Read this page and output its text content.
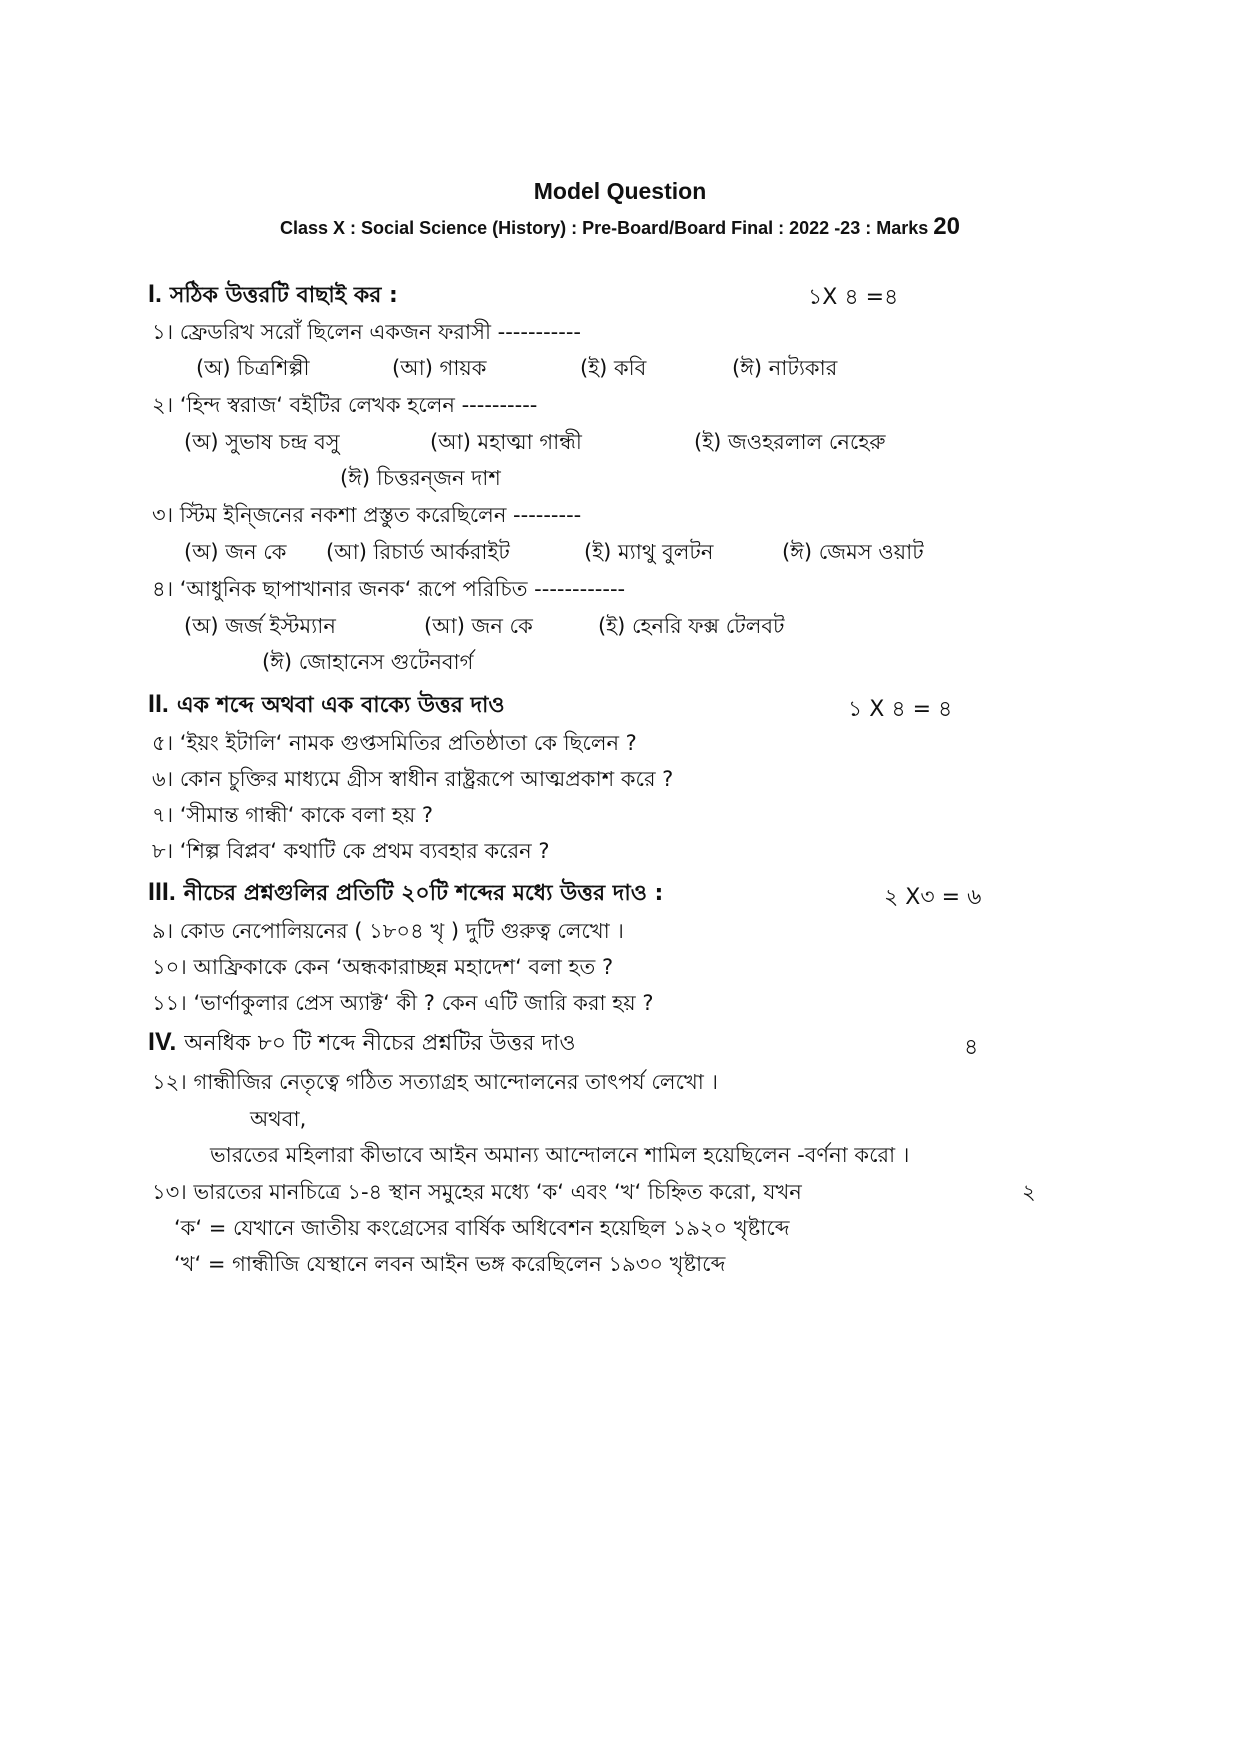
Model Question
Class X : Social Science (History) : Pre-Board/Board Final : 2022 -23 : Marks 20
I. সঠিক উত্তরটি বাছাই কর :	১X ৪ =৪
১। ফ্রেডরিখ সরোঁ ছিলেন একজন ফরাসী -----------
(অ) চিত্রশিল্পী	(আ) গায়ক	(ই) কবি	(ঈ) নাট্যকার
২। ‘হিন্দ স্বরাজ‘ বইটির লেখক হলেন ----------
(অ) সুভাষ চন্দ্র বসু	(আ) মহাত্মা গান্ধী	(ই) জওহরলাল নেহেরু
(ঈ) চিত্তরন্জন দাশ
৩। স্টিম ইন্জিনের নকশা প্রস্তুত করেছিলেন ---------
(অ) জন কে (আ) রিচার্ড আর্করাইট	(ই) ম্যাথু বুলটন	(ঈ) জেমস ওয়াট
৪। ‘আধুনিক ছাপাখানার জনক‘ রূপে পরিচিত ------------
(অ) জর্জ ইস্টম্যান	(আ) জন কে	(ই) হেনরি ফক্স টেলবট
(ঈ) জোহানেস গুটেনবার্গ
II. এক শব্দে অথবা এক বাক্যে উত্তর দাও	১ X ৪ = ৪
৫। ‘ইয়ং ইটালি‘ নামক গুপ্তসমিতির প্রতিষ্ঠাতা কে ছিলেন ?
৬। কোন চুক্তির মাধ্যমে গ্রীস স্বাধীন রাষ্ট্ররূপে আত্মপ্রকাশ করে ?
৭। ‘সীমান্ত গান্ধী‘ কাকে বলা হয় ?
৮। ‘শিল্প বিপ্লব‘ কথাটি কে প্রথম ব্যবহার করেন ?
III. নীচের প্রশ্নগুলির প্রতিটি ২০টি শব্দের মধ্যে উত্তর দাও :	২ X৩ = ৬
৯। কোড নেপোলিয়নের ( ১৮০৪ খৃ ) দুটি গুরুত্ব লেখো ।
১০। আফ্রিকাকে কেন ‘অন্ধকারাচ্ছন্ন মহাদেশ‘ বলা হত ?
১১। ‘ভার্ণাকুলার প্রেস অ্যাক্ট‘ কী ? কেন এটি জারি করা হয় ?
IV. অনধিক ৮০ টি শব্দে নীচের প্রশ্নটির উত্তর দাও	৪
১২। গান্ধীজির নেতৃত্বে গঠিত সত্যাগ্রহ আন্দোলনের তাৎপর্য লেখো ।
অথবা,
ভারতের মহিলারা কীভাবে আইন অমান্য আন্দোলনে শামিল হয়েছিলেন -বর্ণনা করো ।
১৩। ভারতের মানচিত্রে ১-৪ স্থান সমুহের মধ্যে ‘ক‘ এবং ‘খ‘ চিহ্নিত করো, যখন	২
‘ক‘ = যেখানে জাতীয় কংগ্রেসের বার্ষিক অধিবেশন হয়েছিল ১৯২০ খৃষ্টাব্দে
‘খ‘ = গান্ধীজি যেস্থানে লবন আইন ভঙ্গ করেছিলেন ১৯৩০ খৃষ্টাব্দে
